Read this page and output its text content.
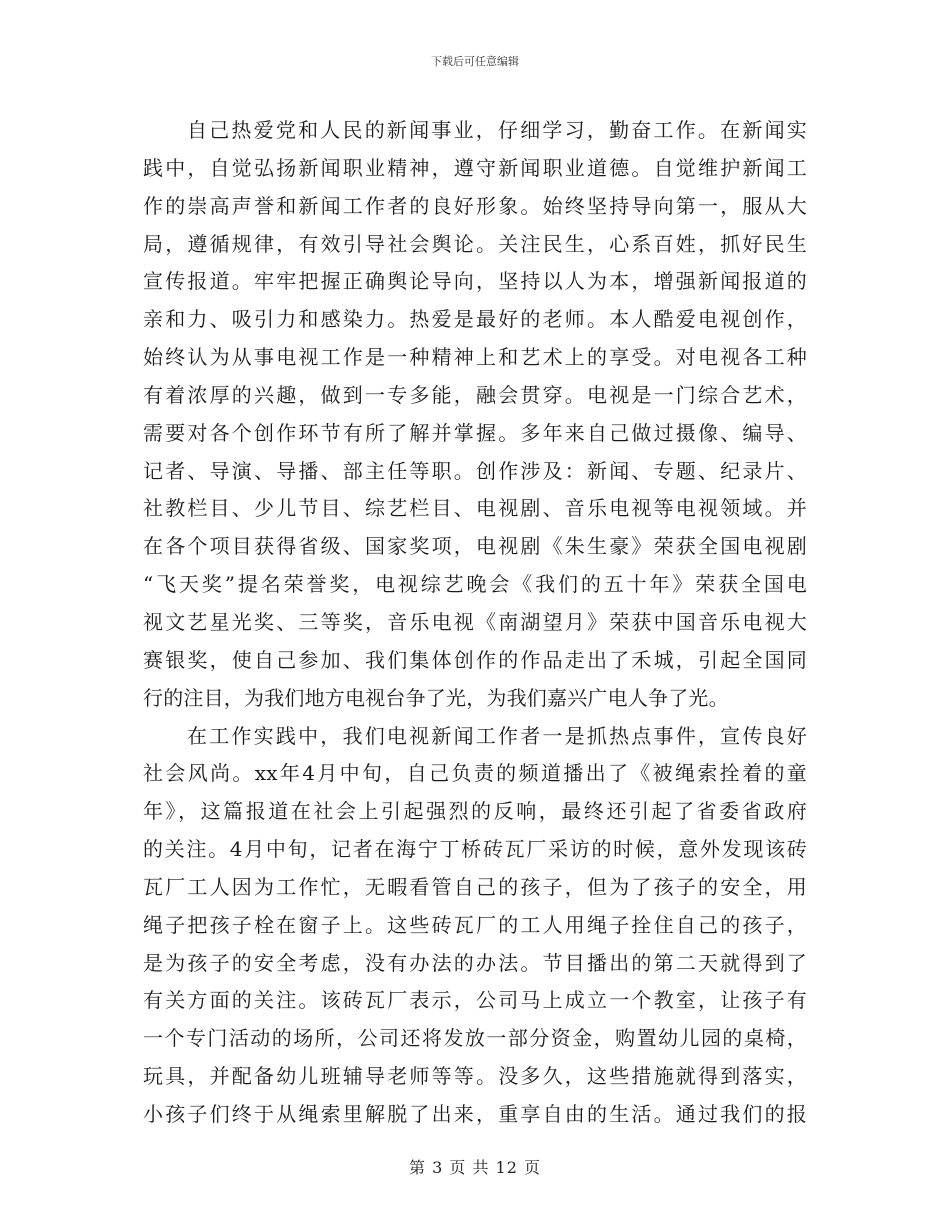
下载后可任意编辑
自己热爱党和人民的新闻事业，仔细学习，勤奋工作。在新闻实
践中，自觉弘扬新闻职业精神，遵守新闻职业道德。自觉维护新闻工
作的崇高声誉和新闻工作者的良好形象。始终坚持导向第一，服从大
局，遵循规律，有效引导社会舆论。关注民生，心系百姓，抓好民生
宣传报道。牢牢把握正确舆论导向，坚持以人为本，增强新闻报道的
亲和力、吸引力和感染力。热爱是最好的老师。本人酷爱电视创作，
始终认为从事电视工作是一种精神上和艺术上的享受。对电视各工种
有着浓厚的兴趣，做到一专多能，融会贯穿。电视是一门综合艺术，
需要对各个创作环节有所了解并掌握。多年来自己做过摄像、编导、
记者、导演、导播、部主任等职。创作涉及：新闻、专题、纪录片、
社教栏目、少儿节目、综艺栏目、电视剧、音乐电视等电视领域。并
在各个项目获得省级、国家奖项，电视剧《朱生豪》荣获全国电视剧
“飞天奖”提名荣誉奖，电视综艺晚会《我们的五十年》荣获全国电
视文艺星光奖、三等奖，音乐电视《南湖望月》荣获中国音乐电视大
赛银奖，使自己参加、我们集体创作的作品走出了禾城，引起全国同
行的注目，为我们地方电视台争了光，为我们嘉兴广电人争了光。
在工作实践中，我们电视新闻工作者一是抓热点事件，宣传良好
社会风尚。xx年4月中旬，自己负责的频道播出了《被绳索拴着的童
年》，这篇报道在社会上引起强烈的反响，最终还引起了省委省政府
的关注。4月中旬，记者在海宁丁桥砖瓦厂采访的时候，意外发现该砖
瓦厂工人因为工作忙，无暇看管自己的孩子，但为了孩子的安全，用
绳子把孩子栓在窗子上。这些砖瓦厂的工人用绳子拴住自己的孩子，
是为孩子的安全考虑，没有办法的办法。节目播出的第二天就得到了
有关方面的关注。该砖瓦厂表示，公司马上成立一个教室，让孩子有
一个专门活动的场所，公司还将发放一部分资金，购置幼儿园的桌椅，
玩具，并配备幼儿班辅导老师等等。没多久，这些措施就得到落实，
小孩子们终于从绳索里解脱了出来，重享自由的生活。通过我们的报
第 3 页 共 12 页
